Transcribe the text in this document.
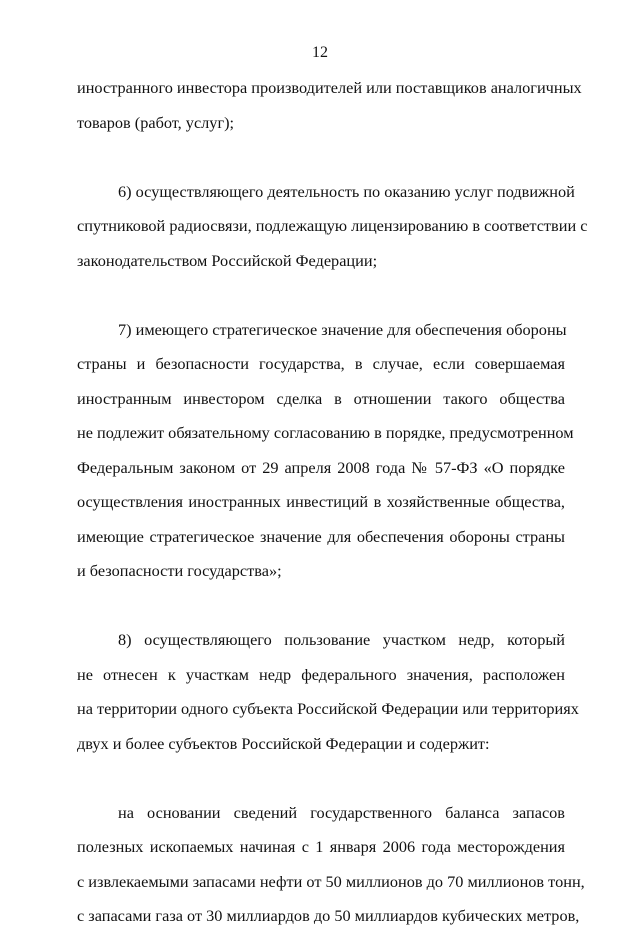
12
иностранного инвестора производителей или поставщиков аналогичных
товаров (работ, услуг);
6) осуществляющего деятельность по оказанию услуг подвижной
спутниковой радиосвязи, подлежащую лицензированию в соответствии с
законодательством Российской Федерации;
7) имеющего стратегическое значение для обеспечения обороны
страны и безопасности государства, в случае, если совершаемая
иностранным инвестором сделка в отношении такого общества
не подлежит обязательному согласованию в порядке, предусмотренном
Федеральным законом от 29 апреля 2008 года № 57-ФЗ «О порядке
осуществления иностранных инвестиций в хозяйственные общества,
имеющие стратегическое значение для обеспечения обороны страны
и безопасности государства»;
8) осуществляющего пользование участком недр, который
не отнесен к участкам недр федерального значения, расположен
на территории одного субъекта Российской Федерации или территориях
двух и более субъектов Российской Федерации и содержит:
на основании сведений государственного баланса запасов
полезных ископаемых начиная с 1 января 2006 года месторождения
с извлекаемыми запасами нефти от 50 миллионов до 70 миллионов тонн,
с запасами газа от 30 миллиардов до 50 миллиардов кубических метров,
